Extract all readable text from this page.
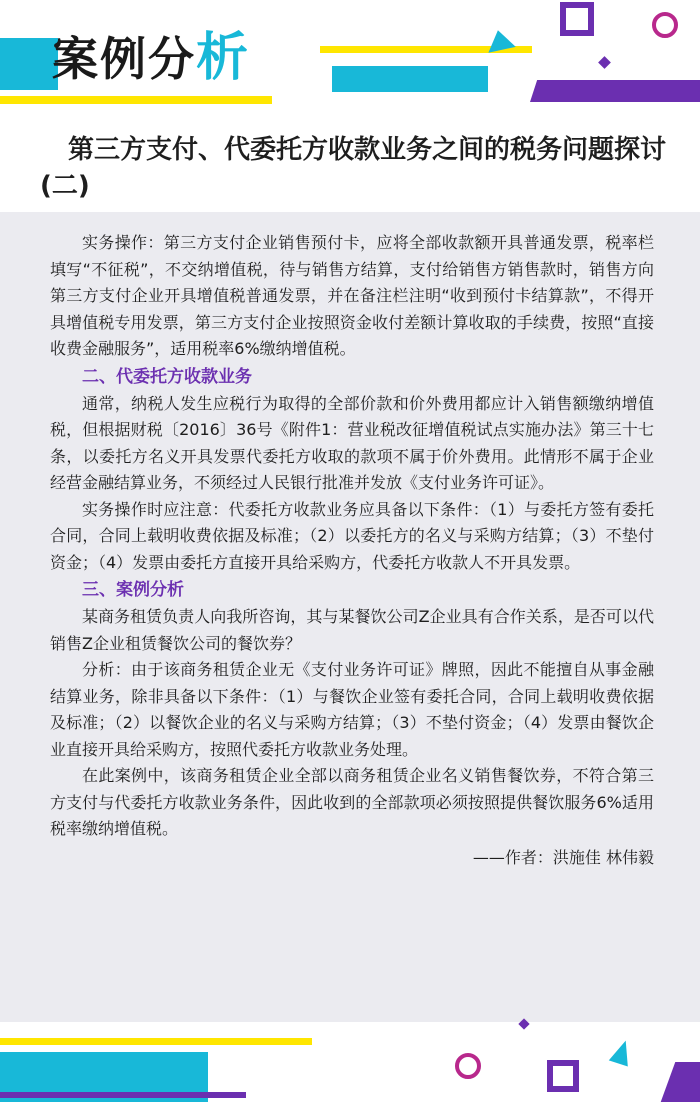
案例分析
第三方支付、代委托方收款业务之间的税务问题探讨(二)

实务操作：第三方支付企业销售预付卡，应将全部收款额开具普通发票，税率栏填写“不征税”，不交纳增值税，待与销售方结算，支付给销售方销售款时，销售方向第三方支付企业开具增值税普通发票，并在备注栏注明“收到预付卡结算款”，不得开具增值税专用发票，第三方支付企业按照资金收付差额计算收取的手续费，按照“直接收费金融服务”，适用税率6%缴纳增值税。

二、代委托方收款业务

通常，纳税人发生应税行为取得的全部价款和价外费用都应计入销售额缴纳增值税，但根据财税〔2016〕36号《附件1：营业税改征增值税试点实施办法》第三十七条，以委托方名义开具发票代委托方收取的款项不属于价外费用。此情形不属于企业经营金融结算业务，不须经过人民银行批准并发放《支付业务许可证》。

实务操作时应注意：代委托方收款业务应具备以下条件：（1）与委托方签有委托合同，合同上载明收费依据及标准；（2）以委托方的名义与采购方结算；（3）不垫付资金；（4）发票由委托方直接开具给采购方，代委托方收款人不开具发票。

三、案例分析

某商务租赁负责人向我所咨询，其与某餐饮公司Z企业具有合作关系，是否可以代销售Z企业租赁餐饮公司的餐饮券？

分析：由于该商务租赁企业无《支付业务许可证》牌照，因此不能擅自从事金融结算业务，除非具备以下条件：（1）与餐饮企业签有委托合同，合同上载明收费依据及标准；（2）以餐饮企业的名义与采购方结算；（3）不垫付资金；（4）发票由餐饮企业直接开具给采购方，按照代委托方收款业务处理。

在此案例中，该商务租赁企业全部以商务租赁企业名义销售餐饮券，不符合第三方支付与代委托方收款业务条件，因此收到的全部款项必须按照提供餐饮服务6%适用税率缴纳增值税。

——作者：洪施佳 林伟毅
